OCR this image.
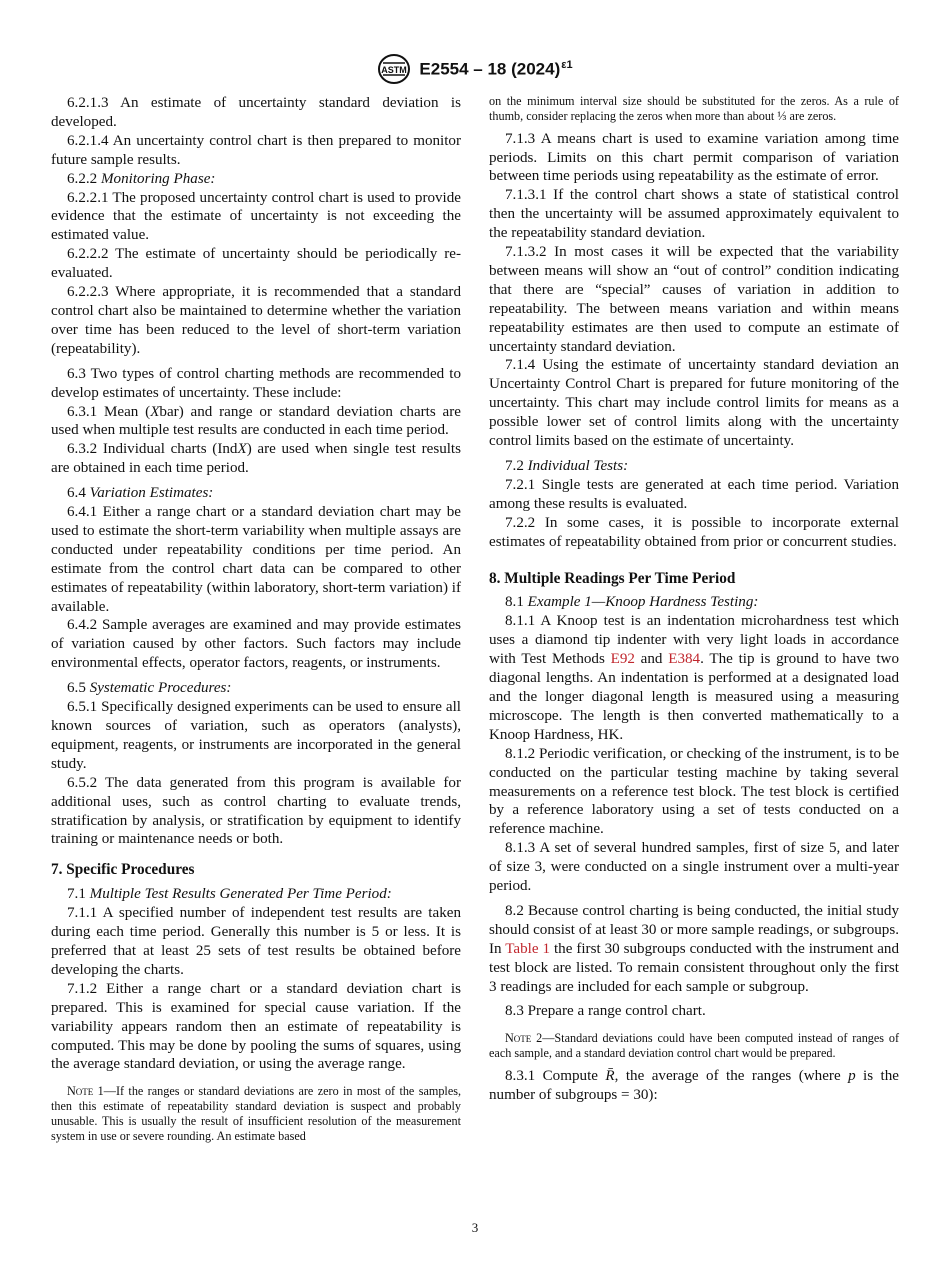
ASTM E2554 – 18 $(2024)^{\varepsilon 1}$

6.2.1.3 An estimate of uncertainty standard deviation is developed.

6.2.1.4 An uncertainty control chart is then prepared to monitor future sample results.

6.2.2 Monitoring Phase:

6.2.2.1 The proposed uncertainty control chart is used to provide evidence that the estimate of uncertainty is not exceeding the estimated value.

6.2.2.2 The estimate of uncertainty should be periodically re-evaluated.

6.2.2.3 Where appropriate, it is recommended that a standard control chart also be maintained to determine whether the variation over time has been reduced to the level of short-term variation (repeatability).

6.3 Two types of control charting methods are recommended to develop estimates of uncertainty. These include:

6.3.1 Mean (Xbar) and range or standard deviation charts are used when multiple test results are conducted in each time period.

6.3.2 Individual charts (IndX) are used when single test results are obtained in each time period.

6.4 Variation Estimates:

6.4.1 Either a range chart or a standard deviation chart may be used to estimate the short-term variability when multiple assays are conducted under repeatability conditions per time period. An estimate from the control chart data can be compared to other estimates of repeatability (within laboratory, short-term variation) if available.

6.4.2 Sample averages are examined and may provide estimates of variation caused by other factors. Such factors may include environmental effects, operator factors, reagents, or instruments.

6.5 Systematic Procedures:

6.5.1 Specifically designed experiments can be used to ensure all known sources of variation, such as operators (analysts), equipment, reagents, or instruments are incorporated in the general study.

6.5.2 The data generated from this program is available for additional uses, such as control charting to evaluate trends, stratification by analysis, or stratification by equipment to identify training or maintenance needs or both.

7. Specific Procedures

7.1 Multiple Test Results Generated Per Time Period:

7.1.1 A specified number of independent test results are taken during each time period. Generally this number is 5 or less. It is preferred that at least 25 sets of test results be obtained before developing the charts.

7.1.2 Either a range chart or a standard deviation chart is prepared. This is examined for special cause variation. If the variability appears random then an estimate of repeatability is computed. This may be done by pooling the sums of squares, using the average standard deviation, or using the average range.

Note 1—If the ranges or standard deviations are zero in most of the samples, then this estimate of repeatability standard deviation is suspect and probably unusable. This is usually the result of insufficient resolution of the measurement system in use or severe rounding. An estimate based

on the minimum interval size should be substituted for the zeros. As a rule of thumb, consider replacing the zeros when more than about ⅓ are zeros.

7.1.3 A means chart is used to examine variation among time periods. Limits on this chart permit comparison of variation between time periods using repeatability as the estimate of error.

7.1.3.1 If the control chart shows a state of statistical control then the uncertainty will be assumed approximately equivalent to the repeatability standard deviation.

7.1.3.2 In most cases it will be expected that the variability between means will show an “out of control” condition indicating that there are “special” causes of variation in addition to repeatability. The between means variation and within means repeatability estimates are then used to compute an estimate of uncertainty standard deviation.

7.1.4 Using the estimate of uncertainty standard deviation an Uncertainty Control Chart is prepared for future monitoring of the uncertainty. This chart may include control limits for means as a possible lower set of control limits along with the uncertainty control limits based on the estimate of uncertainty.

7.2 Individual Tests:

7.2.1 Single tests are generated at each time period. Variation among these results is evaluated.

7.2.2 In some cases, it is possible to incorporate external estimates of repeatability obtained from prior or concurrent studies.

8. Multiple Readings Per Time Period

8.1 Example 1—Knoop Hardness Testing:

8.1.1 A Knoop test is an indentation microhardness test which uses a diamond tip indenter with very light loads in accordance with Test Methods E92 and E384. The tip is ground to have two diagonal lengths. An indentation is performed at a designated load and the longer diagonal length is measured using a measuring microscope. The length is then converted mathematically to a Knoop Hardness, HK.

8.1.2 Periodic verification, or checking of the instrument, is to be conducted on the particular testing machine by taking several measurements on a reference test block. The test block is certified by a reference laboratory using a set of tests conducted on a reference machine.

8.1.3 A set of several hundred samples, first of size 5, and later of size 3, were conducted on a single instrument over a multi-year period.

8.2 Because control charting is being conducted, the initial study should consist of at least 30 or more sample readings, or subgroups. In Table 1 the first 30 subgroups conducted with the instrument and test block are listed. To remain consistent throughout only the first 3 readings are included for each sample or subgroup.

8.3 Prepare a range control chart.

Note 2—Standard deviations could have been computed instead of ranges of each sample, and a standard deviation control chart would be prepared.

8.3.1 Compute R̄, the average of the ranges (where p is the number of subgroups = 30):

3
